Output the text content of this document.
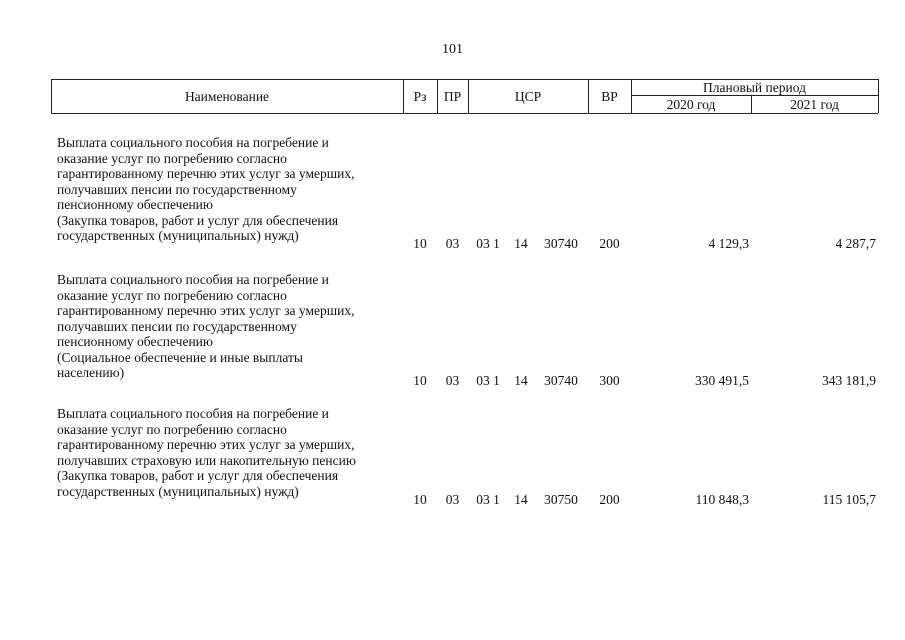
101
Наименование	Рз	ПР	ЦСР	ВР
Плановый период
2020 год	2021 год
Выплата социального пособия на погребение и
оказание услуг по погребению согласно
гарантированному перечню этих услуг за умерших,
получавших пенсии по государственному
пенсионному обеспечению
(Закупка товаров, работ и услуг для обеспечения
государственных (муниципальных) нужд)
10	03	03 1	14	30740	200	4 129,3	4 287,7
Выплата социального пособия на погребение и
оказание услуг по погребению согласно
гарантированному перечню этих услуг за умерших,
получавших пенсии по государственному
пенсионному обеспечению
(Социальное обеспечение и иные выплаты
населению)
10	03	03 1	14	30740	300	330 491,5	343 181,9
Выплата социального пособия на погребение и
оказание услуг по погребению согласно
гарантированному перечню этих услуг за умерших,
получавших страховую или накопительную пенсию
(Закупка товаров, работ и услуг для обеспечения
государственных (муниципальных) нужд)
10	03	03 1	14	30750	200	110 848,3	115 105,7
